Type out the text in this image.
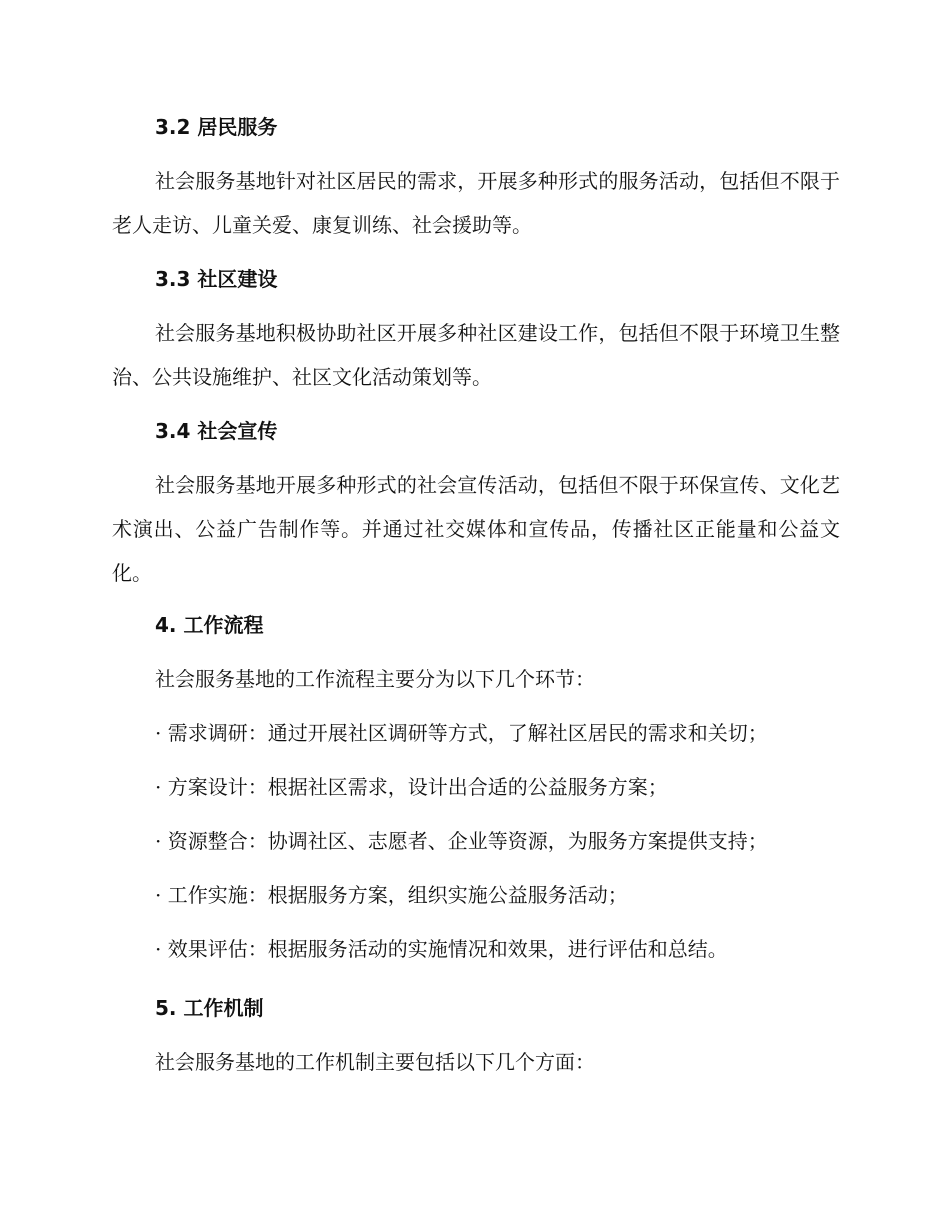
3.2 居民服务

社会服务基地针对社区居民的需求，开展多种形式的服务活动，包括但不限于老人走访、儿童关爱、康复训练、社会援助等。

3.3 社区建设

社会服务基地积极协助社区开展多种社区建设工作，包括但不限于环境卫生整治、公共设施维护、社区文化活动策划等。

3.4 社会宣传

社会服务基地开展多种形式的社会宣传活动，包括但不限于环保宣传、文化艺术演出、公益广告制作等。并通过社交媒体和宣传品，传播社区正能量和公益文化。

4. 工作流程

社会服务基地的工作流程主要分为以下几个环节：

· 需求调研：通过开展社区调研等方式，了解社区居民的需求和关切；
· 方案设计：根据社区需求，设计出合适的公益服务方案；
· 资源整合：协调社区、志愿者、企业等资源，为服务方案提供支持；
· 工作实施：根据服务方案，组织实施公益服务活动；
· 效果评估：根据服务活动的实施情况和效果，进行评估和总结。
5. 工作机制

社会服务基地的工作机制主要包括以下几个方面：
